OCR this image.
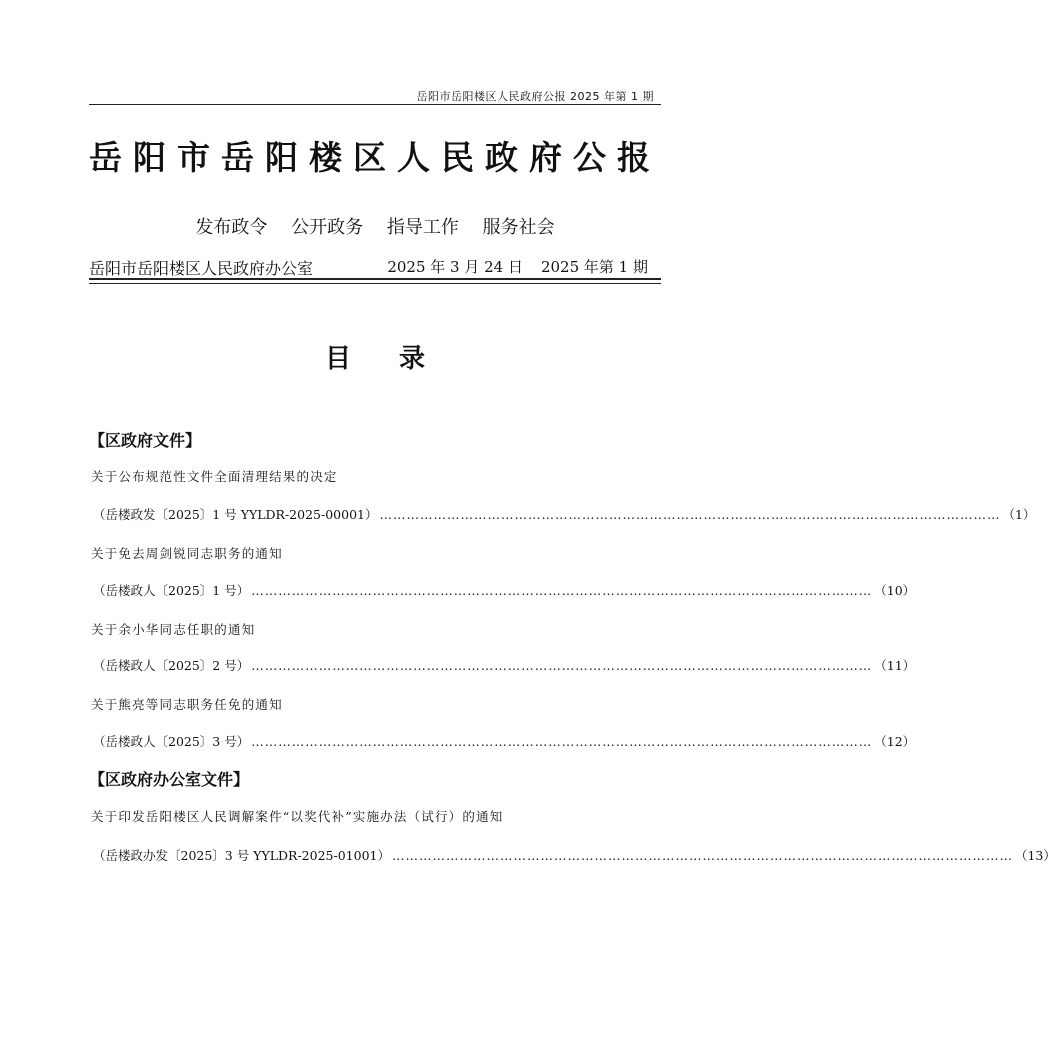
岳阳市岳阳楼区人民政府公报 2025 年第 1 期
岳阳市岳阳楼区人民政府公报
发布政令 公开政务 指导工作 服务社会
岳阳市岳阳楼区人民政府办公室	2025 年 3 月 24 日 2025 年第 1 期
目录
【区政府文件】
关于公布规范性文件全面清理结果的决定
（岳楼政发〔2025〕1 号 YYLDR-2025-00001） ………………………………………………………………………………………………………………………… （1）
关于免去周剑锐同志职务的通知
（岳楼政人〔2025〕1 号） ………………………………………………………………………………………………………………………… （10）
关于余小华同志任职的通知
（岳楼政人〔2025〕2 号） ………………………………………………………………………………………………………………………… （11）
关于熊亮等同志职务任免的通知
（岳楼政人〔2025〕3 号） ………………………………………………………………………………………………………………………… （12）
【区政府办公室文件】
关于印发岳阳楼区人民调解案件“以奖代补”实施办法（试行）的通知
（岳楼政办发〔2025〕3 号 YYLDR-2025-01001） ………………………………………………………………………………………………………………………… （13）
